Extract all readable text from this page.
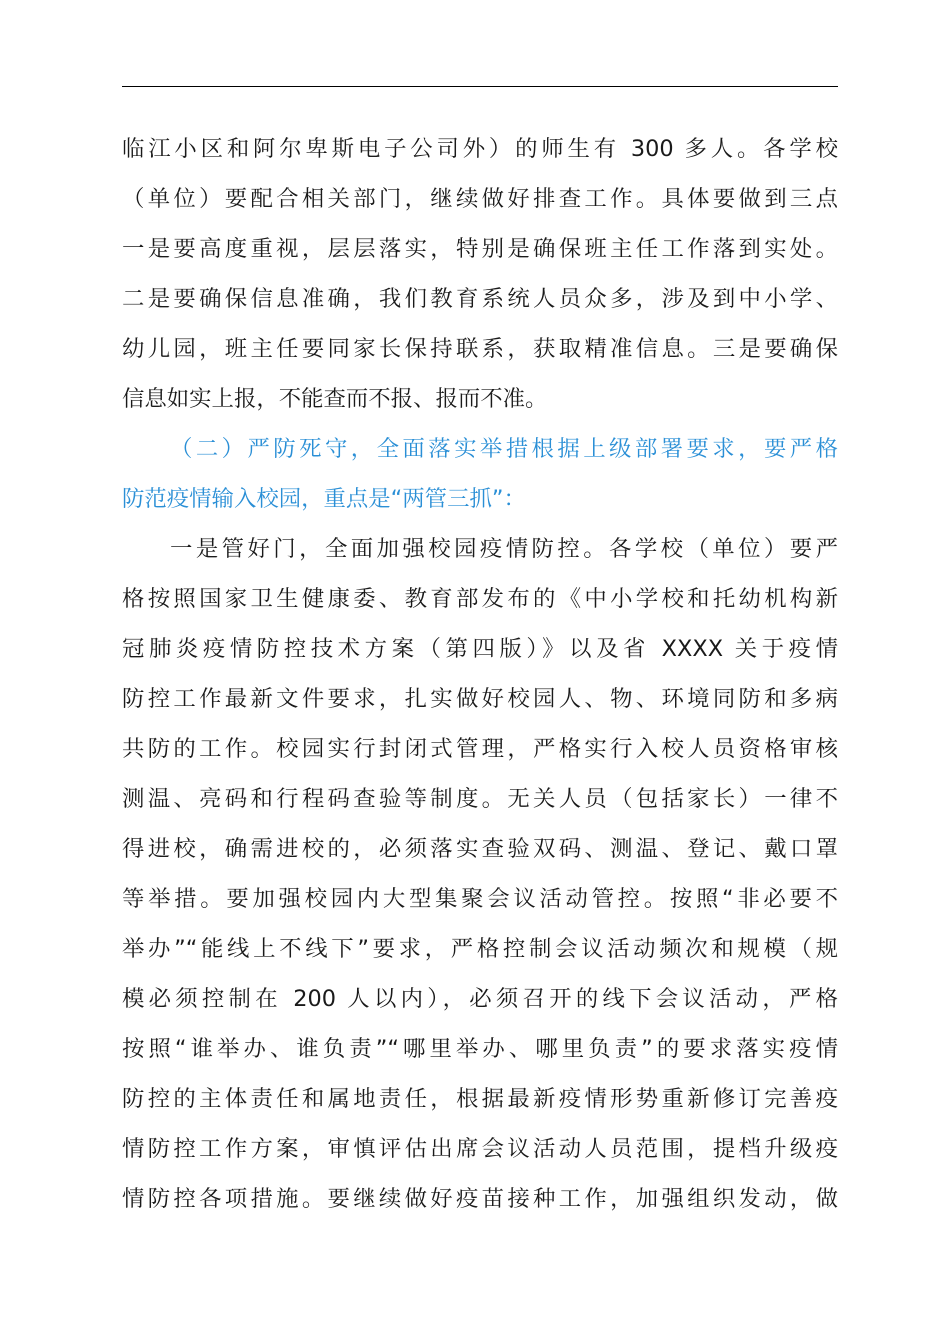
临江小区和阿尔卑斯电子公司外）的师生有 300 多人。各学校
（单位）要配合相关部门，继续做好排查工作。具体要做到三点
一是要高度重视，层层落实，特别是确保班主任工作落到实处。
二是要确保信息准确，我们教育系统人员众多，涉及到中小学、
幼儿园，班主任要同家长保持联系，获取精准信息。三是要确保
信息如实上报，不能查而不报、报而不准。
（二）严防死守，全面落实举措根据上级部署要求，要严格
防范疫情输入校园，重点是“两管三抓”：
一是管好门，全面加强校园疫情防控。各学校（单位）要严
格按照国家卫生健康委、教育部发布的《中小学校和托幼机构新
冠肺炎疫情防控技术方案（第四版）》以及省 XXXX 关于疫情
防控工作最新文件要求，扎实做好校园人、物、环境同防和多病
共防的工作。校园实行封闭式管理，严格实行入校人员资格审核
测温、亮码和行程码查验等制度。无关人员（包括家长）一律不
得进校，确需进校的，必须落实查验双码、测温、登记、戴口罩
等举措。要加强校园内大型集聚会议活动管控。按照“非必要不
举办”“能线上不线下”要求，严格控制会议活动频次和规模（规
模必须控制在 200 人以内），必须召开的线下会议活动，严格
按照“谁举办、谁负责”“哪里举办、哪里负责”的要求落实疫情
防控的主体责任和属地责任，根据最新疫情形势重新修订完善疫
情防控工作方案，审慎评估出席会议活动人员范围，提档升级疫
情防控各项措施。要继续做好疫苗接种工作，加强组织发动，做
